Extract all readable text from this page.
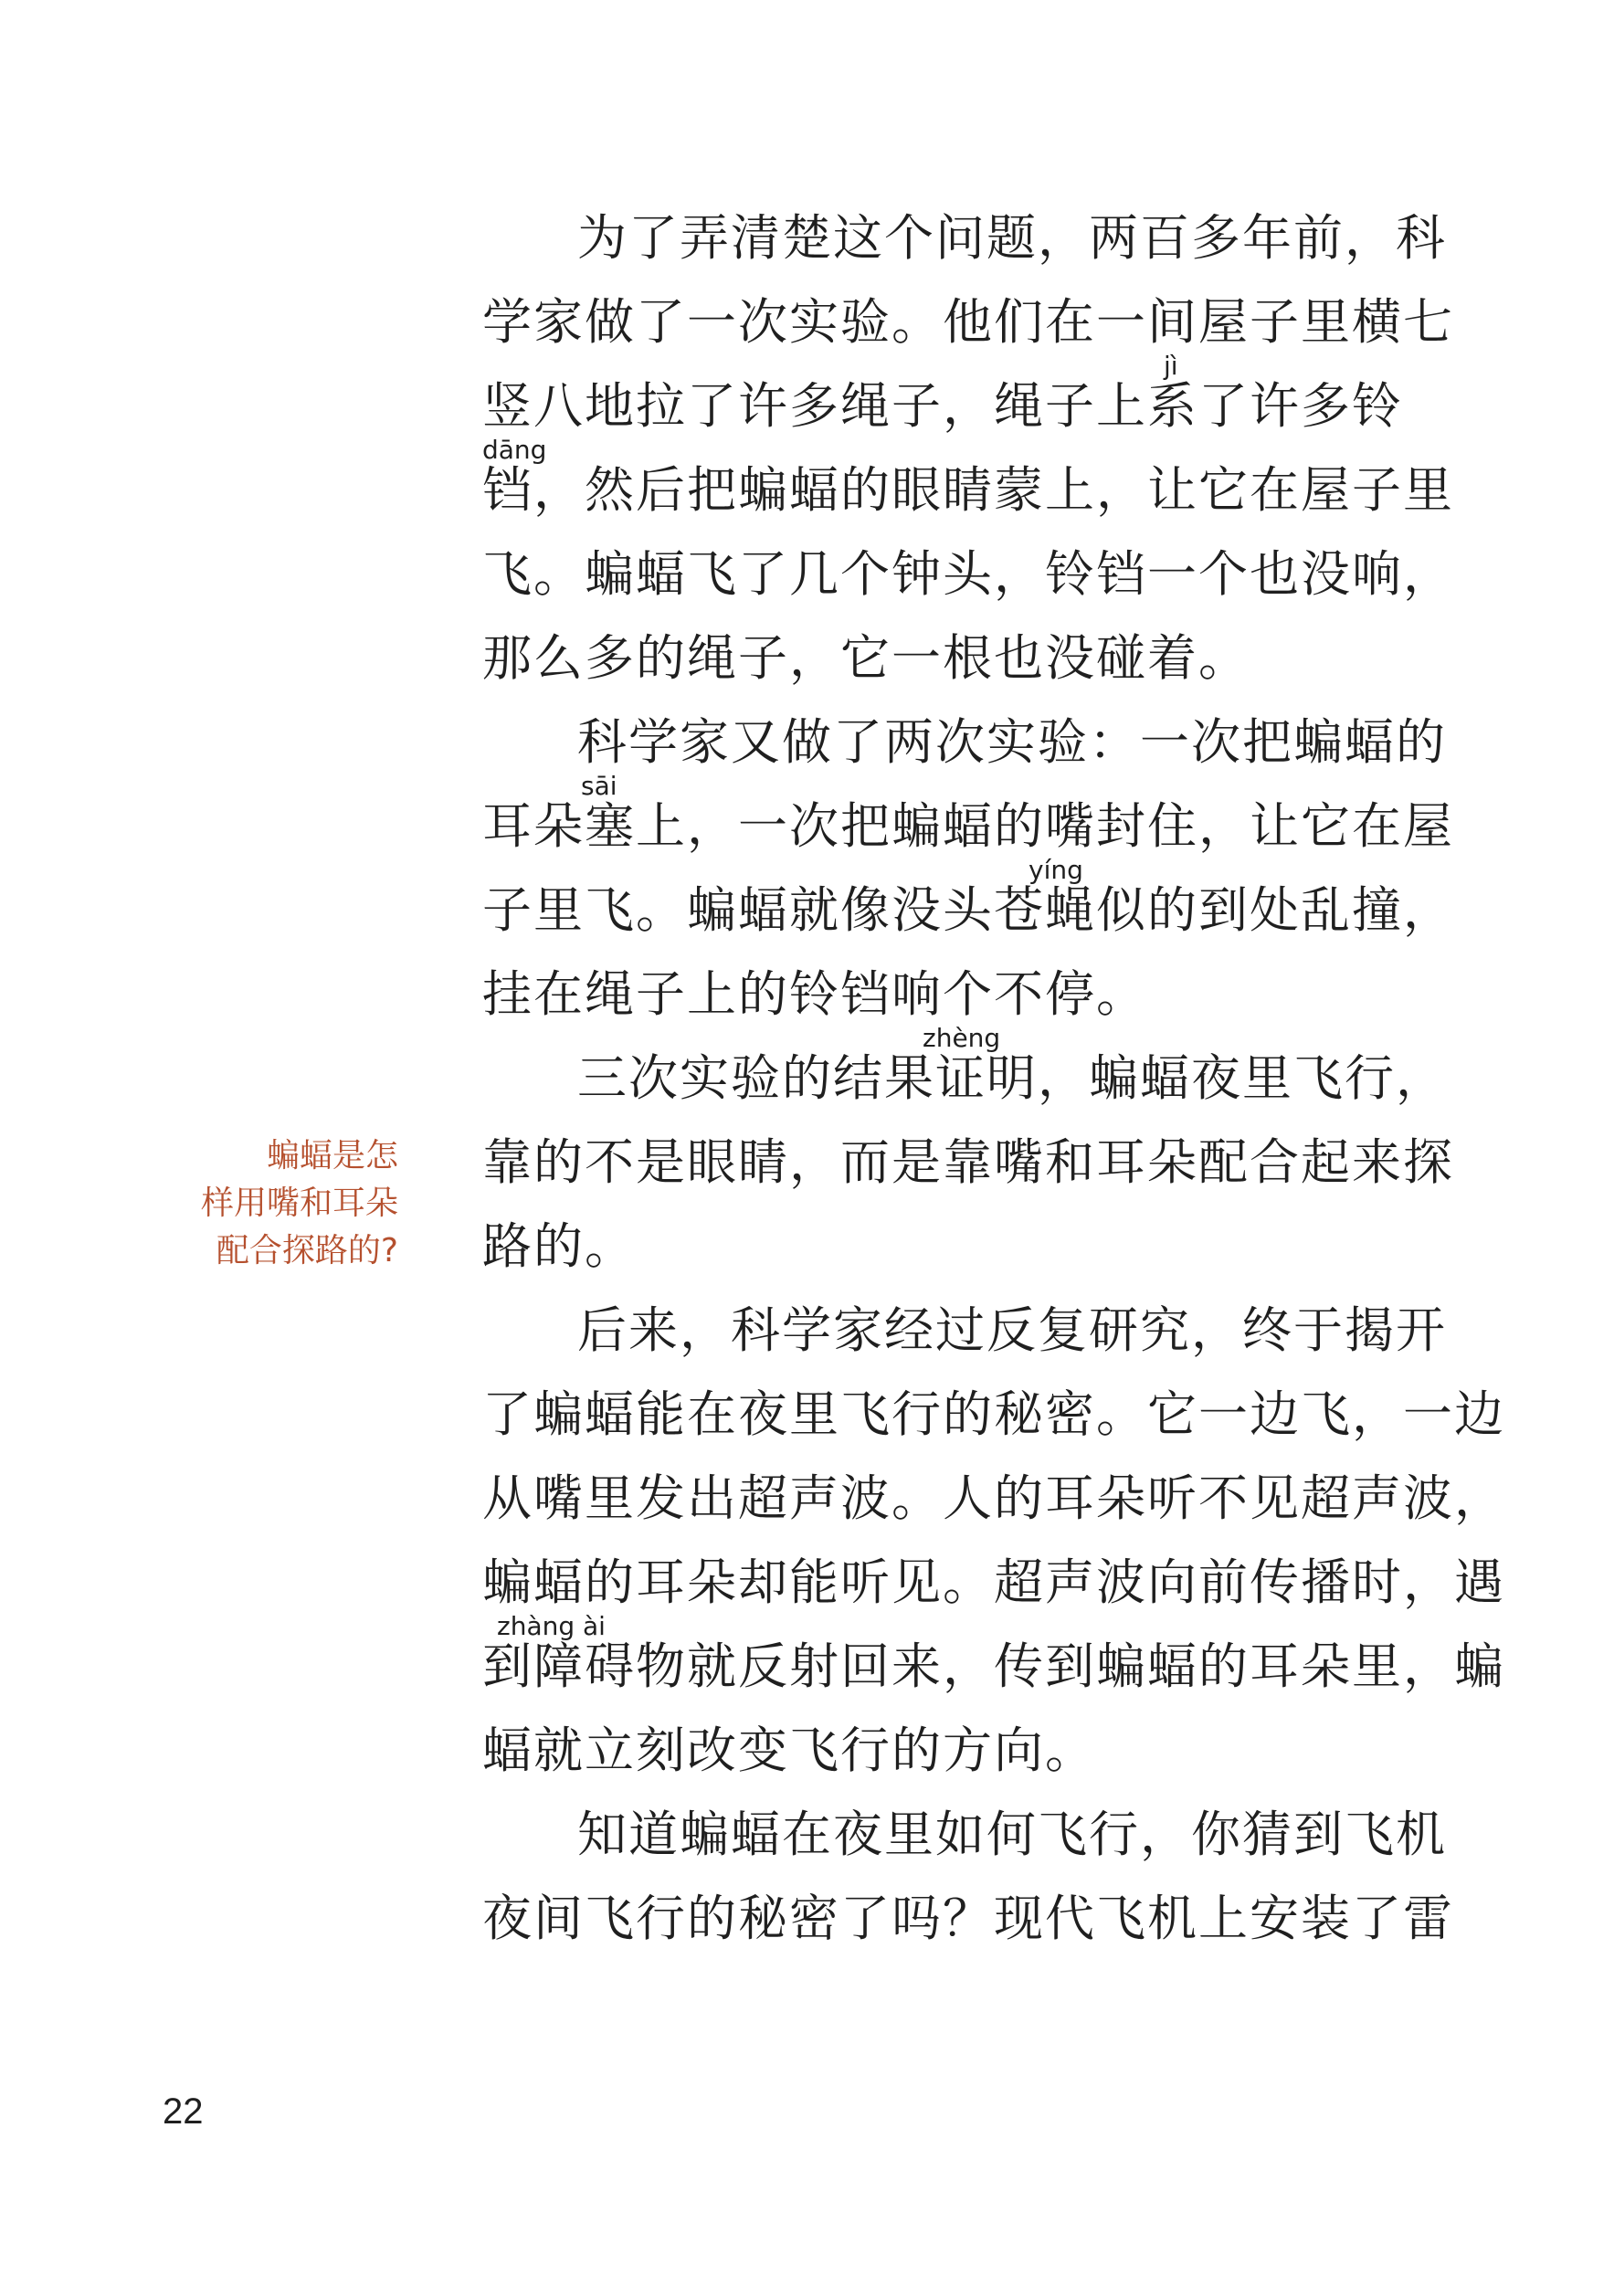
为了弄清楚这个问题，两百多年前，科
学家做了一次实验。他们在一间屋子里横七
jì
竖八地拉了许多绳子，绳子上系了许多铃
dāng
铛，然后把蝙蝠的眼睛蒙上，让它在屋子里
飞。蝙蝠飞了几个钟头，铃铛一个也没响，
那么多的绳子，它一根也没碰着。
科学家又做了两次实验：一次把蝙蝠的
sāi
耳朵塞上，一次把蝙蝠的嘴封住，让它在屋
yíng
子里飞。蝙蝠就像没头苍蝇似的到处乱撞，
挂在绳子上的铃铛响个不停。
zhèng
三次实验的结果证明，蝙蝠夜里飞行，
靠的不是眼睛，而是靠嘴和耳朵配合起来探
路的。
后来，科学家经过反复研究，终于揭开
了蝙蝠能在夜里飞行的秘密。它一边飞，一边
从嘴里发出超声波。人的耳朵听不见超声波，
蝙蝠的耳朵却能听见。超声波向前传播时，遇
zhàng ài
到障碍物就反射回来，传到蝙蝠的耳朵里，蝙
蝠就立刻改变飞行的方向。
知道蝙蝠在夜里如何飞行，你猜到飞机
夜间飞行的秘密了吗？现代飞机上安装了雷
蝙蝠是怎
样用嘴和耳朵
配合探路的?
22
